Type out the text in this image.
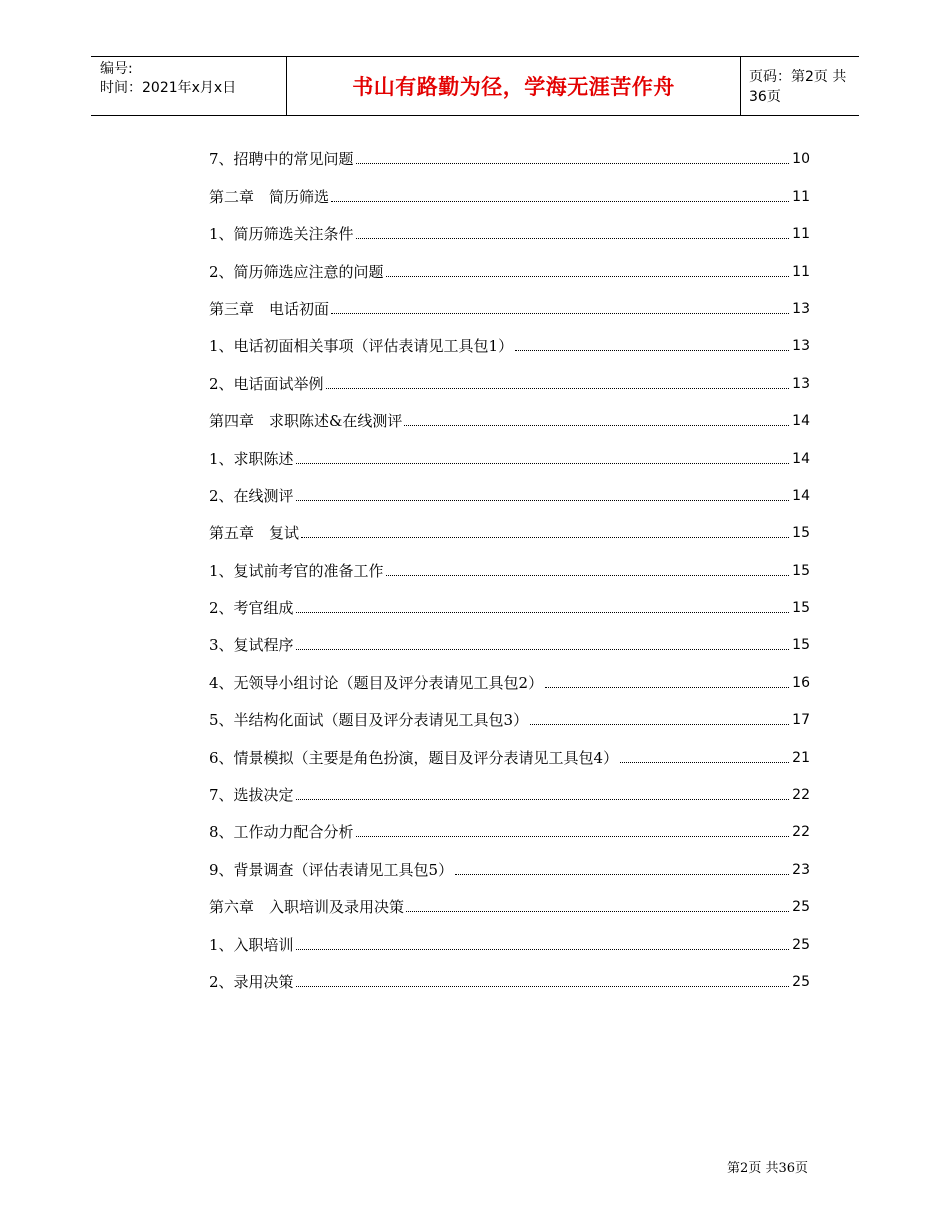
编号:
时间：2021年x月x日	书山有路勤为径，学海无涯苦作舟	页码：第2页 共36页
7、招聘中的常见问题	10
第二章　简历筛选	11
1、简历筛选关注条件	11
2、简历筛选应注意的问题	11
第三章　电话初面	13
1、电话初面相关事项（评估表请见工具包1）	13
2、电话面试举例	13
第四章　求职陈述&在线测评	14
1、求职陈述	14
2、在线测评	14
第五章　复试	15
1、复试前考官的准备工作	15
2、考官组成	15
3、复试程序	15
4、无领导小组讨论（题目及评分表请见工具包2）	16
5、半结构化面试（题目及评分表请见工具包3）	17
6、情景模拟（主要是角色扮演，题目及评分表请见工具包4）	21
7、选拔决定	22
8、工作动力配合分析	22
9、背景调查（评估表请见工具包5）	23
第六章　入职培训及录用决策	25
1、入职培训	25
2、录用决策	25
第2页 共36页
